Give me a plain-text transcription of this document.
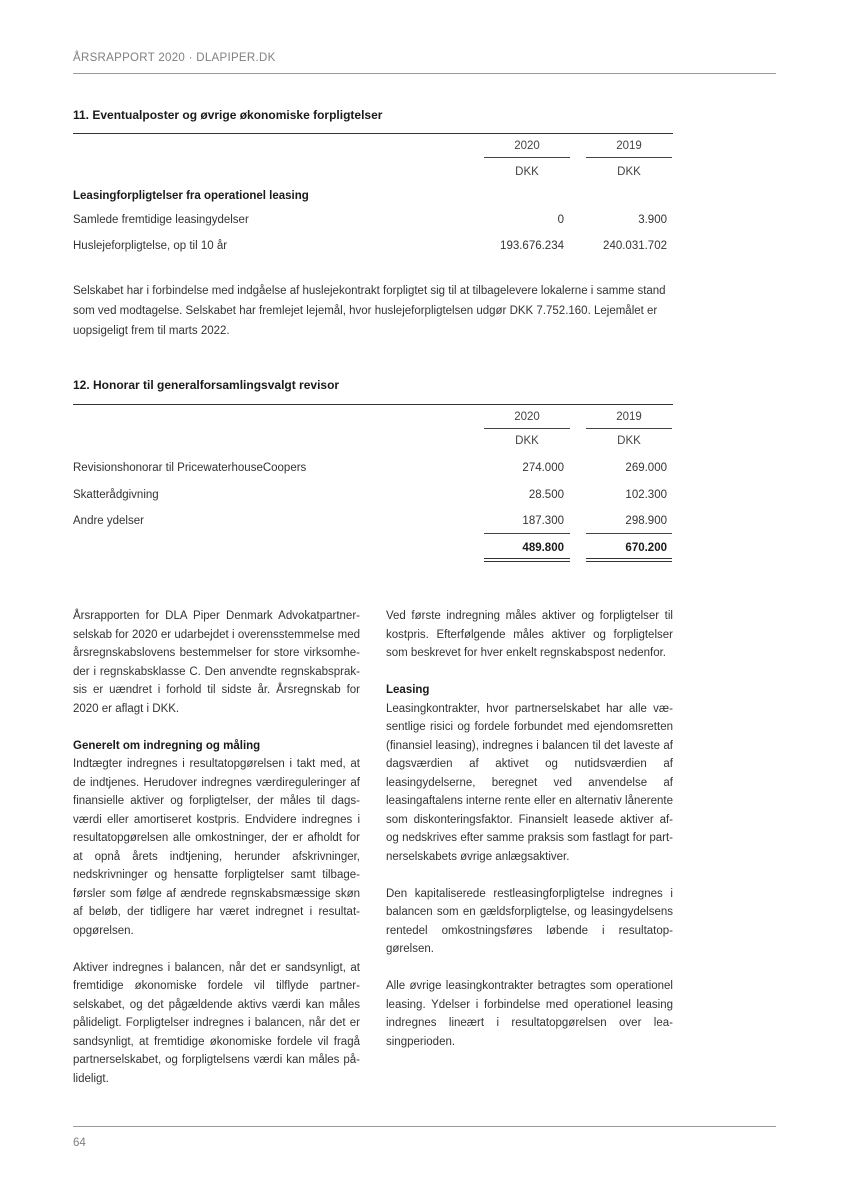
ÅRSRAPPORT 2020 · DLAPIPER.DK
11. Eventualposter og øvrige økonomiske forpligtelser
2020	2019
DKK	DKK
Leasingforpligtelser fra operationel leasing
Samlede fremtidige leasingydelser	0	3.900
Huslejeforpligtelse, op til 10 år	193.676.234	240.031.702

Selskabet har i forbindelse med indgåelse af huslejekontrakt forpligtet sig til at tilbagelevere lokalerne i samme stand som ved modtagelse. Selskabet har fremlejet lejemål, hvor huslejeforpligtelsen udgør DKK 7.752.160. Lejemålet er uopsigeligt frem til marts 2022.

12. Honorar til generalforsamlingsvalgt revisor
2020	2019
DKK	DKK
Revisionshonorar til PricewaterhouseCoopers	274.000	269.000
Skatterådgivning	28.500	102.300
Andre ydelser	187.300	298.900
489.800	670.200

Årsrapporten for DLA Piper Denmark Advokatpartnerselskab for 2020 er udarbejdet i overensstemmelse med årsregnskabslovens bestemmelser for store virksomheder i regnskabsklasse C. Den anvendte regnskabspraksis er uændret i forhold til sidste år. Årsregnskab for 2020 er aflagt i DKK.

Generelt om indregning og måling

Indtægter indregnes i resultatopgørelsen i takt med, at de indtjenes. Herudover indregnes værdireguleringer af finansielle aktiver og forpligtelser, der måles til dagsværdi eller amortiseret kostpris. Endvidere indregnes i resultatopgørelsen alle omkostninger, der er afholdt for at opnå årets indtjening, herunder afskrivninger, nedskrivninger og hensatte forpligtelser samt tilbageførsler som følge af ændrede regnskabsmæssige skøn af beløb, der tidligere har været indregnet i resultatopgørelsen.

Aktiver indregnes i balancen, når det er sandsynligt, at fremtidige økonomiske fordele vil tilflyde partnerselskabet, og det pågældende aktivs værdi kan måles pålideligt. Forpligtelser indregnes i balancen, når det er sandsynligt, at fremtidige økonomiske fordele vil fragå partnerselskabet, og forpligtelsens værdi kan måles pålideligt.

Ved første indregning måles aktiver og forpligtelser til kostpris. Efterfølgende måles aktiver og forpligtelser som beskrevet for hver enkelt regnskabspost nedenfor.

Leasing

Leasingkontrakter, hvor partnerselskabet har alle væsentlige risici og fordele forbundet med ejendomsretten (finansiel leasing), indregnes i balancen til det laveste af dagsværdien af aktivet og nutidsværdien af leasingydelserne, beregnet ved anvendelse af leasingaftalens interne rente eller en alternativ lånerente som diskonteringsfaktor. Finansielt leasede aktiver af- og nedskrives efter samme praksis som fastlagt for partnerselskabets øvrige anlægsaktiver.

Den kapitaliserede restleasingforpligtelse indregnes i balancen som en gældsforpligtelse, og leasingydelsens rentedel omkostningsføres løbende i resultatopgørelsen.

Alle øvrige leasingkontrakter betragtes som operationel leasing. Ydelser i forbindelse med operationel leasing indregnes lineært i resultatopgørelsen over leasingperioden.

64
